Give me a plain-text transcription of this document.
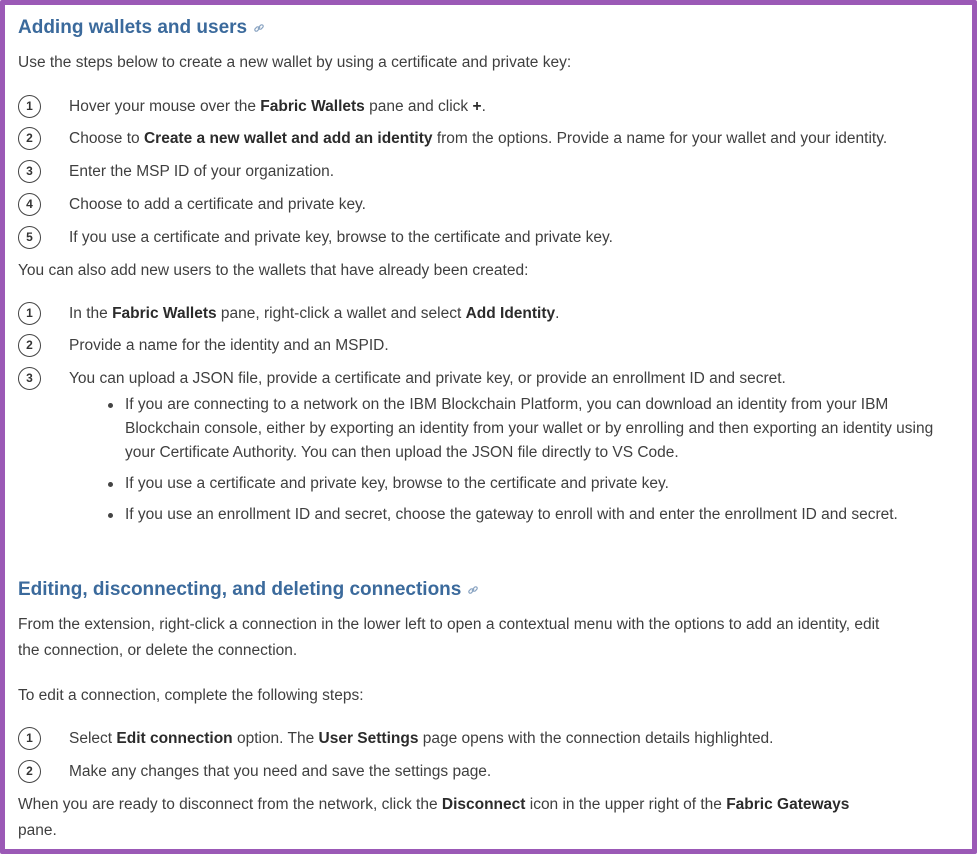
Adding wallets and users

Use the steps below to create a new wallet by using a certificate and private key:

1	Hover your mouse over the Fabric Wallets pane and click +.
2	Choose to Create a new wallet and add an identity from the options. Provide a name for your wallet and your identity.
3	Enter the MSP ID of your organization.
4	Choose to add a certificate and private key.
5	If you use a certificate and private key, browse to the certificate and private key.

You can also add new users to the wallets that have already been created:

1	In the Fabric Wallets pane, right-click a wallet and select Add Identity.
2	Provide a name for the identity and an MSPID.
3	You can upload a JSON file, provide a certificate and private key, or provide an enrollment ID and secret.
If you are connecting to a network on the IBM Blockchain Platform, you can download an identity from your IBM Blockchain console, either by exporting an identity from your wallet or by enrolling and then exporting an identity using your Certificate Authority. You can then upload the JSON file directly to VS Code.
If you use a certificate and private key, browse to the certificate and private key.
If you use an enrollment ID and secret, choose the gateway to enroll with and enter the enrollment ID and secret.
Editing, disconnecting, and deleting connections

From the extension, right-click a connection in the lower left to open a contextual menu with the options to add an identity, edit

the connection, or delete the connection.

To edit a connection, complete the following steps:

1	Select Edit connection option. The User Settings page opens with the connection details highlighted.
2	Make any changes that you need and save the settings page.

When you are ready to disconnect from the network, click the Disconnect icon in the upper right of the Fabric Gateways

pane.
